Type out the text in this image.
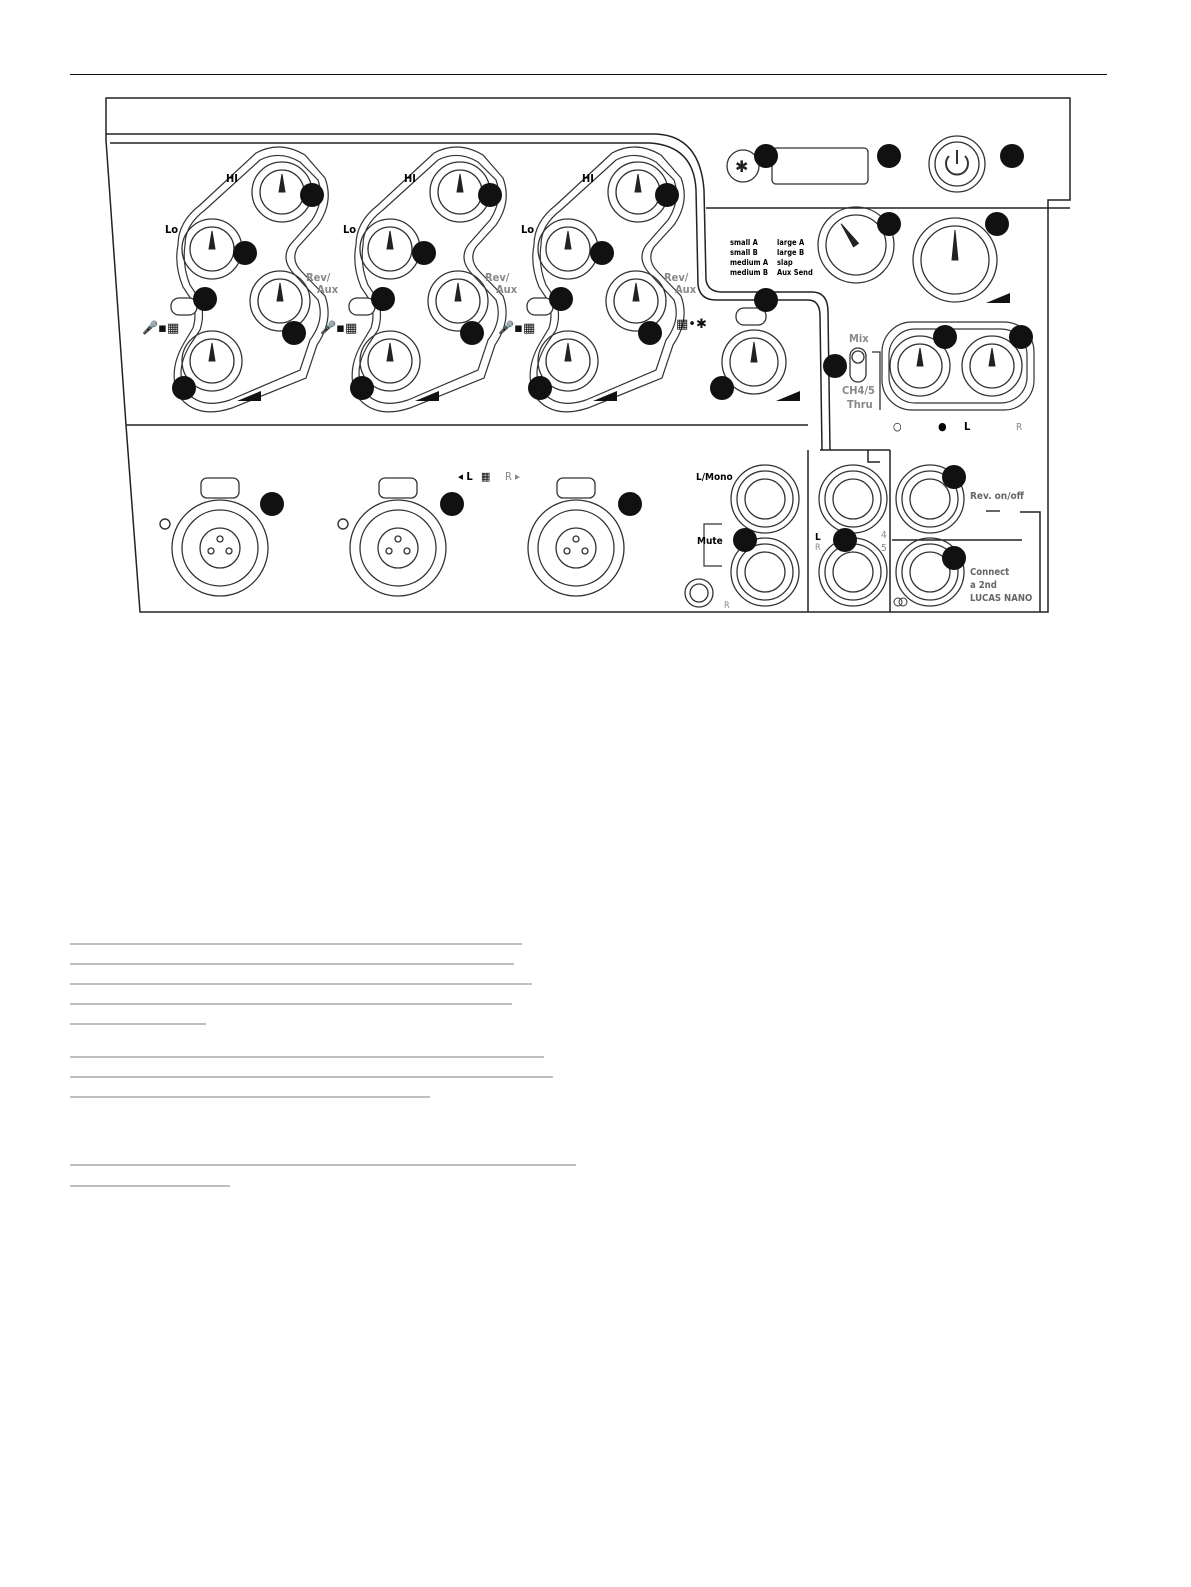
🎤▪▦	🎤▪▦	🎤▪▦	▦•✱
✱
HI	HI	HI
Lo	Lo	Lo
Rev/
Aux
Rev/
Aux
Rev/
Aux
small A
small B
medium A
medium B
large A
large B
slap
Aux Send
Mix
CH4/5
Thru
○	● L	R
◂ L ▦ R ▸	L/Mono
Mute
R
L
R
4
5
Rev. on/off
Connect
a 2nd
LUCAS NANO
